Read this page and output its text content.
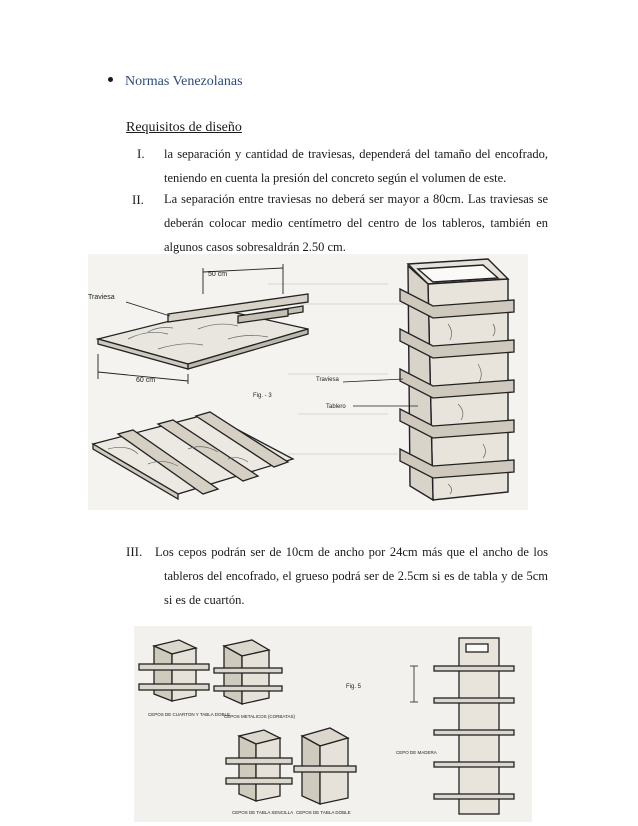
Normas Venezolanas
Requisitos de diseño
I. la separación y cantidad de traviesas, dependerá del tamaño del encofrado, teniendo en cuenta la presión del concreto según el volumen de este.
II. La separación entre traviesas no deberá ser mayor a 80cm. Las traviesas se deberán colocar medio centímetro del centro de los tableros, también en algunos casos sobresaldrán 2.50 cm.
50 cm
60 cm
Traviesa
Fig. - 3
Traviesa
Tablero
III. Los cepos podrán ser de 10cm de ancho por 24cm más que el ancho de los tableros del encofrado, el grueso podrá ser de 2.5cm si es de tabla y de 5cm si es de cuartón.
CEPOS DE CUARTON Y TABLA DOBLE
CEPOS METALICOS (CORBATAS)
CEPOS DE TABLA SENCILLA CEPOS DE TABLA DOBLE
Fig. 5
CEPO DE MADERA
